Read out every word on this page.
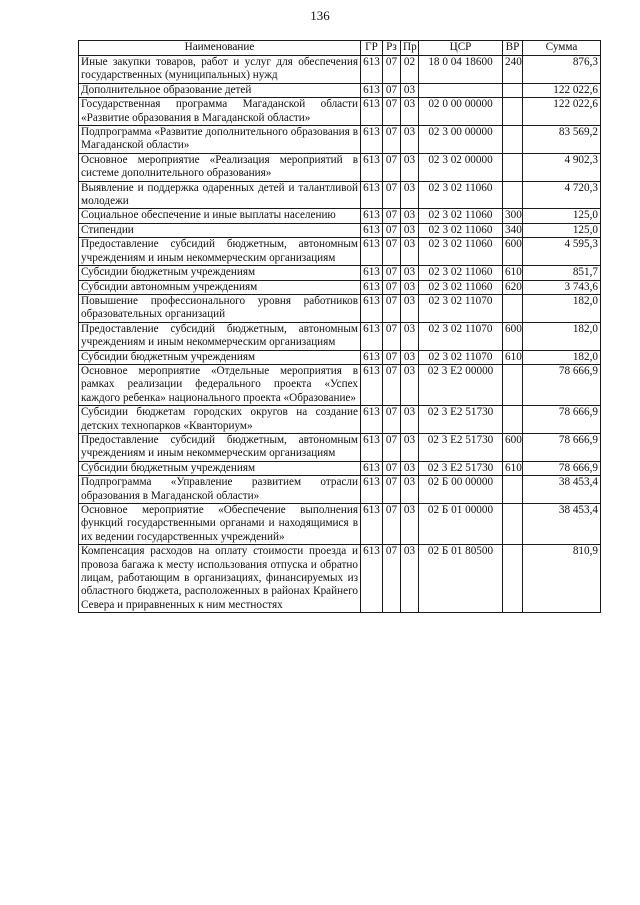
136
Наименование	ГР	Рз	Пр	ЦСР	ВР	Сумма
Иные закупки товаров, работ и услуг для обеспечения государственных (муниципальных) нужд	613	07	02	18 0 04 18600	240	876,3
Дополнительное образование детей	613	07	03			122 022,6
Государственная программа Магаданской области «Развитие образования в Магаданской области»	613	07	03	02 0 00 00000		122 022,6
Подпрограмма «Развитие дополнительного образования в Магаданской области»	613	07	03	02 3 00 00000		83 569,2
Основное мероприятие «Реализация мероприятий в системе дополнительного образования»	613	07	03	02 3 02 00000		4 902,3
Выявление и поддержка одаренных детей и талантливой молодежи	613	07	03	02 3 02 11060		4 720,3
Социальное обеспечение и иные выплаты населению	613	07	03	02 3 02 11060	300	125,0
Стипендии	613	07	03	02 3 02 11060	340	125,0
Предоставление субсидий бюджетным, автономным учреждениям и иным некоммерческим организациям	613	07	03	02 3 02 11060	600	4 595,3
Субсидии бюджетным учреждениям	613	07	03	02 3 02 11060	610	851,7
Субсидии автономным учреждениям	613	07	03	02 3 02 11060	620	3 743,6
Повышение профессионального уровня работников образовательных организаций	613	07	03	02 3 02 11070		182,0
Предоставление субсидий бюджетным, автономным учреждениям и иным некоммерческим организациям	613	07	03	02 3 02 11070	600	182,0
Субсидии бюджетным учреждениям	613	07	03	02 3 02 11070	610	182,0
Основное мероприятие «Отдельные мероприятия в рамках реализации федерального проекта «Успех каждого ребенка» национального проекта «Образование»	613	07	03	02 3 E2 00000		78 666,9
Субсидии бюджетам городских округов на создание детских технопарков «Кванториум»	613	07	03	02 3 E2 51730		78 666,9
Предоставление субсидий бюджетным, автономным учреждениям и иным некоммерческим организациям	613	07	03	02 3 E2 51730	600	78 666,9
Субсидии бюджетным учреждениям	613	07	03	02 3 E2 51730	610	78 666,9
Подпрограмма «Управление развитием отрасли образования в Магаданской области»	613	07	03	02 Б 00 00000		38 453,4
Основное мероприятие «Обеспечение выполнения функций государственными органами и находящимися в их ведении государственных учреждений»	613	07	03	02 Б 01 00000		38 453,4
Компенсация расходов на оплату стоимости проезда и провоза багажа к месту использования отпуска и обратно лицам, работающим в организациях, финансируемых из областного бюджета, расположенных в районах Крайнего Севера и приравненных к ним местностях	613	07	03	02 Б 01 80500		810,9
